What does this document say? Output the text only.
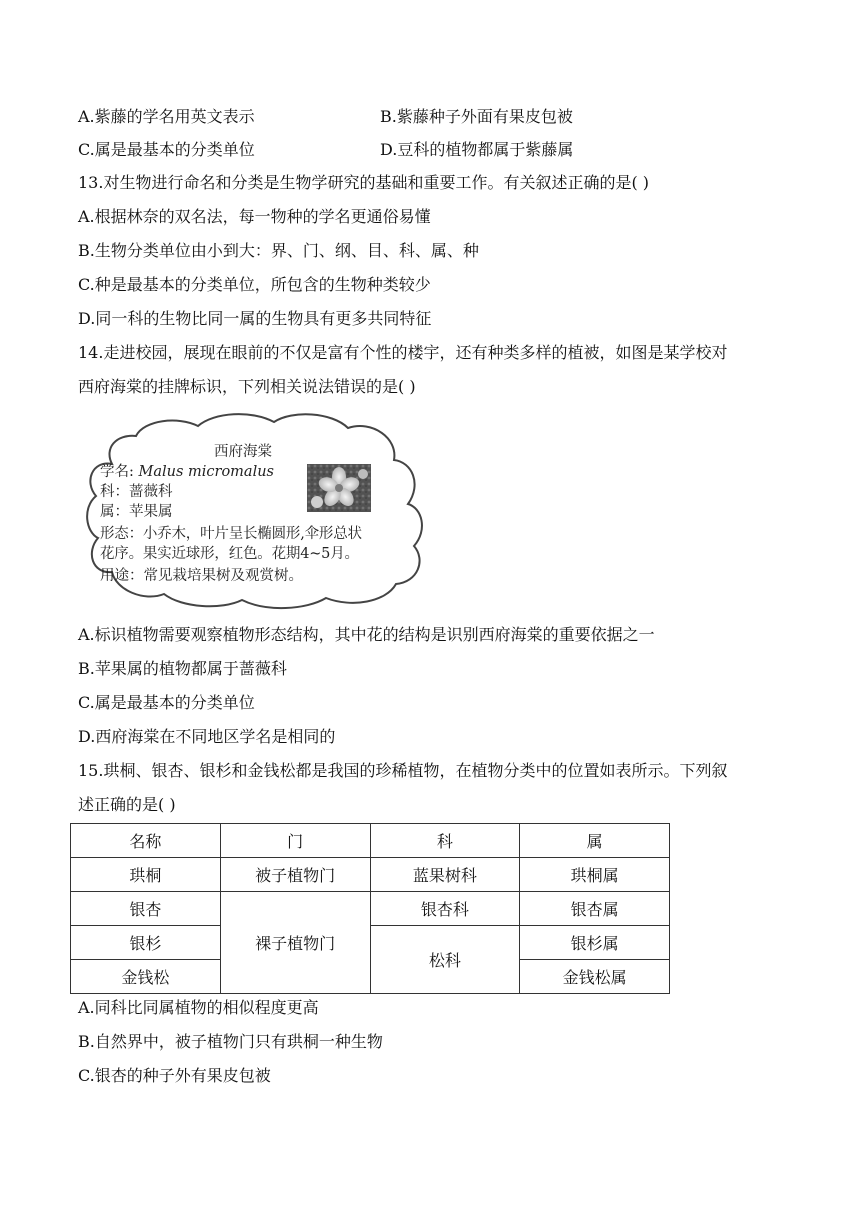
A.紫藤的学名用英文表示	B.紫藤种子外面有果皮包被
C.属是最基本的分类单位	D.豆科的植物都属于紫藤属
13.对生物进行命名和分类是生物学研究的基础和重要工作。有关叙述正确的是( )
A.根据林奈的双名法，每一物种的学名更通俗易懂
B.生物分类单位由小到大：界、门、纲、目、科、属、种
C.种是最基本的分类单位，所包含的生物种类较少
D.同一科的生物比同一属的生物具有更多共同特征
14.走进校园，展现在眼前的不仅是富有个性的楼宇，还有种类多样的植被，如图是某学校对
西府海棠的挂牌标识，下列相关说法错误的是( )
西府海棠
学名: Malus micromalus
科：蔷薇科
属：苹果属
形态：小乔木，叶片呈长椭圆形,伞形总状
花序。果实近球形，红色。花期4~5月。
用途：常见栽培果树及观赏树。
A.标识植物需要观察植物形态结构，其中花的结构是识别西府海棠的重要依据之一
B.苹果属的植物都属于蔷薇科
C.属是最基本的分类单位
D.西府海棠在不同地区学名是相同的
15.珙桐、银杏、银杉和金钱松都是我国的珍稀植物，在植物分类中的位置如表所示。下列叙
述正确的是( )
名称	门	科	属
珙桐	被子植物门	蓝果树科	珙桐属
银杏	裸子植物门	银杏科	银杏属
银杉		松科	银杉属
金钱松			金钱松属
A.同科比同属植物的相似程度更高
B.自然界中，被子植物门只有珙桐一种生物
C.银杏的种子外有果皮包被
